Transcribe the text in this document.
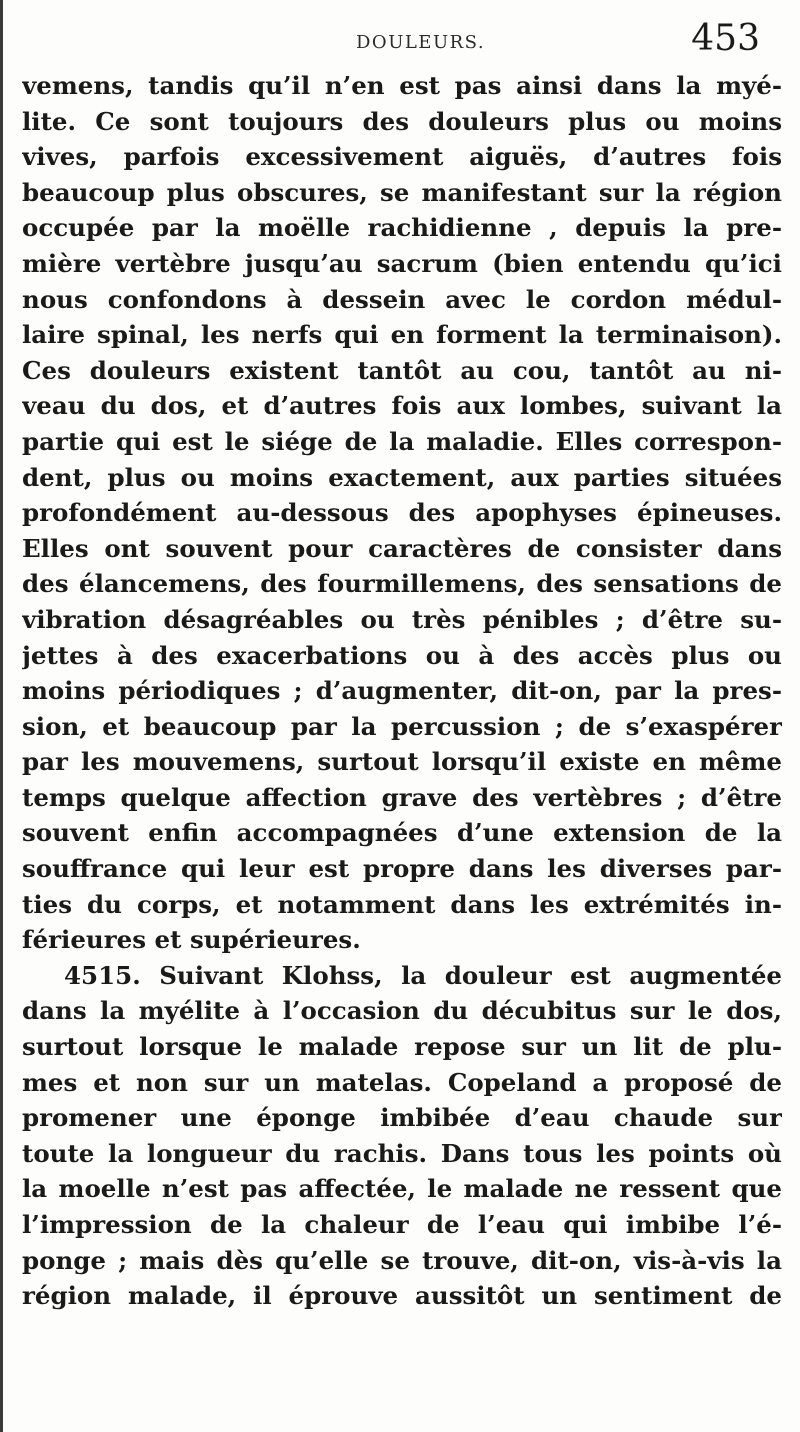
DOULEURS.	453
vemens, tandis qu’il n’en est pas ainsi dans la myé-
lite. Ce sont toujours des douleurs plus ou moins
vives, parfois excessivement aiguës, d’autres fois
beaucoup plus obscures, se manifestant sur la région
occupée par la moëlle rachidienne , depuis la pre-
mière vertèbre jusqu’au sacrum (bien entendu qu’ici
nous confondons à dessein avec le cordon médul-
laire spinal, les nerfs qui en forment la terminaison).
Ces douleurs existent tantôt au cou, tantôt au ni-
veau du dos, et d’autres fois aux lombes, suivant la
partie qui est le siége de la maladie. Elles correspon-
dent, plus ou moins exactement, aux parties situées
profondément au-dessous des apophyses épineuses.
Elles ont souvent pour caractères de consister dans
des élancemens, des fourmillemens, des sensations de
vibration désagréables ou très pénibles ; d’être su-
jettes à des exacerbations ou à des accès plus ou
moins périodiques ; d’augmenter, dit-on, par la pres-
sion, et beaucoup par la percussion ; de s’exaspérer
par les mouvemens, surtout lorsqu’il existe en même
temps quelque affection grave des vertèbres ; d’être
souvent enfin accompagnées d’une extension de la
souffrance qui leur est propre dans les diverses par-
ties du corps, et notamment dans les extrémités in-
férieures et supérieures.
4515. Suivant Klohss, la douleur est augmentée
dans la myélite à l’occasion du décubitus sur le dos,
surtout lorsque le malade repose sur un lit de plu-
mes et non sur un matelas. Copeland a proposé de
promener une éponge imbibée d’eau chaude sur
toute la longueur du rachis. Dans tous les points où
la moelle n’est pas affectée, le malade ne ressent que
l’impression de la chaleur de l’eau qui imbibe l’é-
ponge ; mais dès qu’elle se trouve, dit-on, vis-à-vis la
région malade, il éprouve aussitôt un sentiment de
